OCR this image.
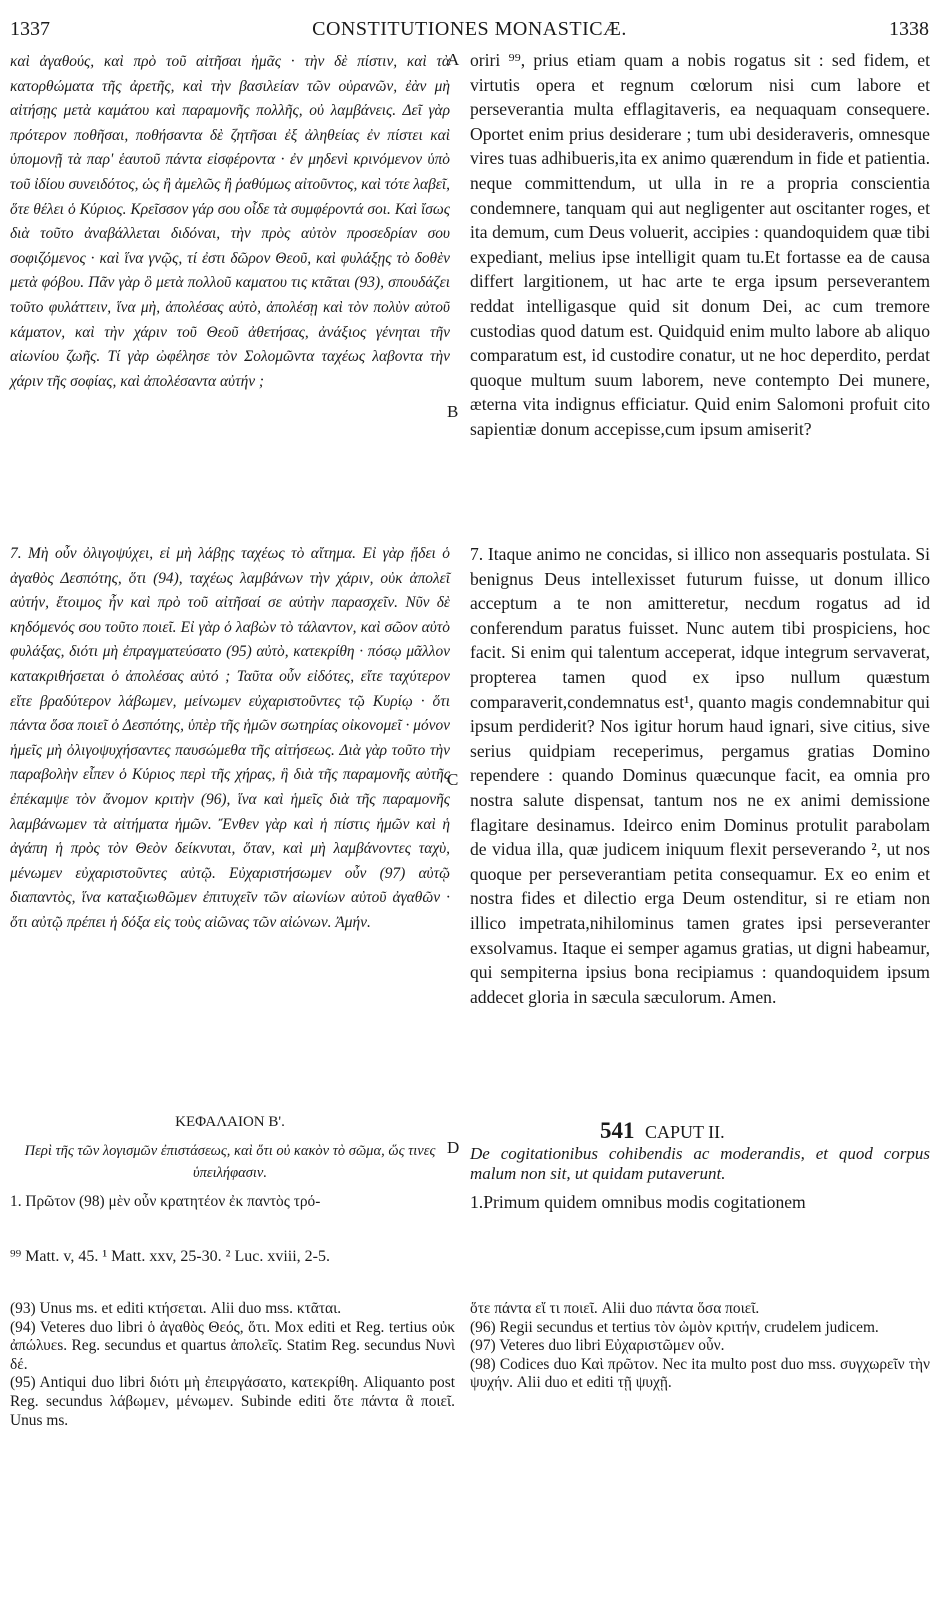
1337	CONSTITUTIONES MONASTICÆ.	1338

καὶ ἀγαθούς, καὶ πρὸ τοῦ αἰτῆσαι ἡμᾶς · τὴν δὲ πίστιν, καὶ τὰ κατορθώματα τῆς ἀρετῆς, καὶ τὴν βασιλείαν τῶν οὐρανῶν, ἐὰν μὴ αἰτήσῃς μετὰ καμάτου καὶ παραμονῆς πολλῆς, οὐ λαμβάνεις. Δεῖ γὰρ πρότερον ποθῆσαι, ποθήσαντα δὲ ζητῆσαι ἐξ ἀληθείας ἐν πίστει καὶ ὑπομονῇ τὰ παρ' ἑαυτοῦ πάντα εἰσφέροντα · ἐν μηδενὶ κρινόμενον ὑπὸ τοῦ ἰδίου συνειδότος, ὡς ἢ ἀμελῶς ἢ ῥαθύμως αἰτοῦντος, καὶ τότε λαβεῖ, ὅτε θέλει ὁ Κύριος. Κρεῖσσον γάρ σου οἶδε τὰ συμφέροντά σοι. Καὶ ἴσως διὰ τοῦτο ἀναβάλλεται διδόναι, τὴν πρὸς αὐτὸν προσεδρίαν σου σοφιζόμενος · καὶ ἵνα γνῷς, τί ἐστι δῶρον Θεοῦ, καὶ φυλάξῃς τὸ δοθὲν μετὰ φόβου. Πᾶν γὰρ ὃ μετὰ πολλοῦ καματου τις κτᾶται (93), σπουδάζει τοῦτο φυλάττειν, ἵνα μὴ, ἀπολέσας αὐτὸ, ἀπολέσῃ καὶ τὸν πολὺν αὐτοῦ κάματον, καὶ τὴν χάριν τοῦ Θεοῦ ἀθετήσας, ἀνάξιος γένηται τῆν αἰωνίου ζωῆς. Τί γὰρ ὠφέλησε τὸν Σολομῶντα ταχέως λαβοντα τὴν χάριν τῆς σοφίας, καὶ ἀπολέσαντα αὐτήν ;

7. Μὴ οὖν ὀλιγοψύχει, εἰ μὴ λάβῃς ταχέως τὸ αἴτημα. Εἰ γὰρ ᾔδει ὁ ἀγαθὸς Δεσπότης, ὅτι (94), ταχέως λαμβάνων τὴν χάριν, οὐκ ἀπολεῖ αὐτήν, ἕτοιμος ἦν καὶ πρὸ τοῦ αἰτῆσαί σε αὐτὴν παρασχεῖν. Νῦν δὲ κηδόμενός σου τοῦτο ποιεῖ. Εἰ γὰρ ὁ λαβὼν τὸ τάλαντον, καὶ σῶον αὐτὸ φυλάξας, διότι μὴ ἐπραγματεύσατο (95) αὐτὸ, κατεκρίθη · πόσῳ μᾶλλον κατακριθήσεται ὁ ἀπολέσας αὐτό ; Ταῦτα οὖν εἰδότες, εἴτε ταχύτερον εἴτε βραδύτερον λάβωμεν, μείνωμεν εὐχαριστοῦντες τῷ Κυρίῳ · ὅτι πάντα ὅσα ποιεῖ ὁ Δεσπότης, ὑπὲρ τῆς ἡμῶν σωτηρίας οἰκονομεῖ · μόνον ἡμεῖς μὴ ὀλιγοψυχήσαντες παυσώμεθα τῆς αἰτήσεως. Διὰ γὰρ τοῦτο τὴν παραβολὴν εἶπεν ὁ Κύριος περὶ τῆς χήρας, ἣ διὰ τῆς παραμονῆς αὐτῆς ἐπέκαμψε τὸν ἄνομον κριτὴν (96), ἵνα καὶ ἡμεῖς διὰ τῆς παραμονῆς λαμβάνωμεν τὰ αἰτήματα ἡμῶν. Ἔνθεν γὰρ καὶ ἡ πίστις ἡμῶν καὶ ἡ ἀγάπη ἡ πρὸς τὸν Θεὸν δείκνυται, ὅταν, καὶ μὴ λαμβάνοντες ταχὺ, μένωμεν εὐχαριστοῦντες αὐτῷ. Εὐχαριστήσωμεν οὖν (97) αὐτῷ διαπαντὸς, ἵνα καταξιωθῶμεν ἐπιτυχεῖν τῶν αἰωνίων αὐτοῦ ἀγαθῶν · ὅτι αὐτῷ πρέπει ἡ δόξα εἰς τοὺς αἰῶνας τῶν αἰώνων. Ἀμήν.

oriri ⁹⁹, prius etiam quam a nobis rogatus sit : sed fidem, et virtutis opera et regnum cœlorum nisi cum labore et perseverantia multa efflagitaveris, ea nequaquam consequere. Oportet enim prius desiderare ; tum ubi desideraveris, omnesque vires tuas adhibueris,ita ex animo quærendum in fide et patientia. neque committendum, ut ulla in re a propria conscientia condemnere, tanquam qui aut negligenter aut oscitanter roges, et ita demum, cum Deus voluerit, accipies : quandoquidem quæ tibi expediant, melius ipse intelligit quam tu.Et fortasse ea de causa differt largitionem, ut hac arte te erga ipsum perseverantem reddat intelligasque quid sit donum Dei, ac cum tremore custodias quod datum est. Quidquid enim multo labore ab aliquo comparatum est, id custodire conatur, ut ne hoc deperdito, perdat quoque multum suum laborem, neve contempto Dei munere, æterna vita indignus efficiatur. Quid enim Salomoni profuit cito sapientiæ donum accepisse,cum ipsum amiserit?

7. Itaque animo ne concidas, si illico non assequaris postulata. Si benignus Deus intellexisset futurum fuisse, ut donum illico acceptum a te non amitteretur, necdum rogatus ad id conferendum paratus fuisset. Nunc autem tibi prospiciens, hoc facit. Si enim qui talentum acceperat, idque integrum servaverat, propterea tamen quod ex ipso nullum quæstum comparaverit,condemnatus est¹, quanto magis condemnabitur qui ipsum perdiderit? Nos igitur horum haud ignari, sive citius, sive serius quidpiam receperimus, pergamus gratias Domino rependere : quando Dominus quæcunque facit, ea omnia pro nostra salute dispensat, tantum nos ne ex animi demissione flagitare desinamus. Ideirco enim Dominus protulit parabolam de vidua illa, quæ judicem iniquum flexit perseverando ², ut nos quoque per perseverantiam petita consequamur. Ex eo enim et nostra fides et dilectio erga Deum ostenditur, si re etiam non illico impetrata,nihilominus tamen grates ipsi perseveranter exsolvamus. Itaque ei semper agamus gratias, ut digni habeamur, qui sempiterna ipsius bona recipiamus : quandoquidem ipsum addecet gloria in sæcula sæculorum. Amen.

A
B
C
D
ΚΕΦΑΛΑΙΟΝ Β'.
Περὶ τῆς τῶν λογισμῶν ἐπιστάσεως, καὶ ὅτι οὐ κακὸν τὸ σῶμα, ὥς τινες ὑπειλήφασιν.

1. Πρῶτον (98) μὲν οὖν κρατητέον ἐκ παντὸς τρό-

541 CAPUT II.
De cogitationibus cohibendis ac moderandis, et quod corpus malum non sit, ut quidam putaverunt.

1.Primum quidem omnibus modis cogitationem

⁹⁹ Matt. v, 45. ¹ Matt. xxv, 25-30. ² Luc. xviii, 2-5.

(93) Unus ms. et editi κτήσεται. Alii duo mss. κτᾶται.

(94) Veteres duo libri ὁ ἀγαθὸς Θεός, ὅτι. Mox editi et Reg. tertius οὐκ ἀπώλυεs. Reg. secundus et quartus ἀπολεῖς. Statim Reg. secundus Νυνὶ δέ.

(95) Antiqui duo libri διότι μὴ ἐπειργάσατο, κατεκρίθη. Aliquanto post Reg. secundus λάβωμεν, μένωμεν. Subinde editi ὅτε πάντα ἃ ποιεῖ. Unus ms.

ὅτε πάντα εἴ τι ποιεῖ. Alii duo πάντα ὅσα ποιεῖ.

(96) Regii secundus et tertius τὸν ὠμὸν κριτήν, crudelem judicem.

(97) Veteres duo libri Εὐχαριστῶμεν οὖν.

(98) Codices duo Καὶ πρῶτον. Nec ita multo post duo mss. συγχωρεῖν τὴν ψυχήν. Alii duo et editi τῇ ψυχῇ.
